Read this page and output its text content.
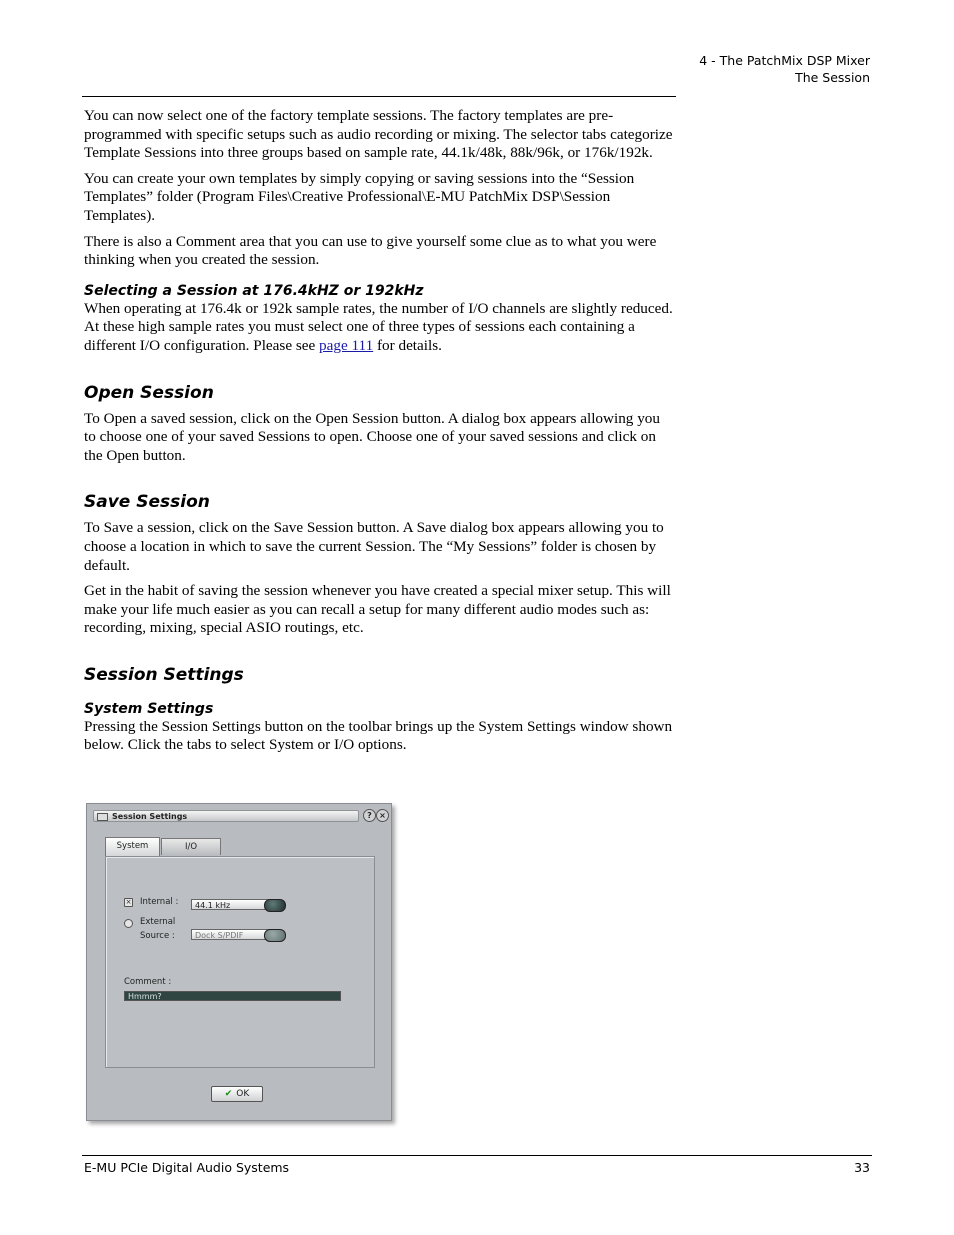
4 - The PatchMix DSP Mixer
The Session

You can now select one of the factory template sessions. The factory templates are pre-programmed with specific setups such as audio recording or mixing. The selector tabs categorize Template Sessions into three groups based on sample rate, 44.1k/48k, 88k/96k, or 176k/192k.

You can create your own templates by simply copying or saving sessions into the “Session Templates” folder (Program Files\Creative Professional\E-MU PatchMix DSP\Session Templates).

There is also a Comment area that you can use to give yourself some clue as to what you were thinking when you created the session.

Selecting a Session at 176.4kHZ or 192kHz

When operating at 176.4k or 192k sample rates, the number of I/O channels are slightly reduced. At these high sample rates you must select one of three types of sessions each containing a different I/O configuration. Please see page 111 for details.

Open Session

To Open a saved session, click on the Open Session button. A dialog box appears allowing you to choose one of your saved Sessions to open. Choose one of your saved sessions and click on the Open button.

Save Session

To Save a session, click on the Save Session button. A Save dialog box appears allowing you to choose a location in which to save the current Session. The “My Sessions” folder is chosen by default.

Get in the habit of saving the session whenever you have created a special mixer setup. This will make your life much easier as you can recall a setup for many different audio modes such as: recording, mixing, special ASIO routings, etc.

Session Settings
System Settings

Pressing the Session Settings button on the toolbar brings up the System Settings window shown below. Click the tabs to select System or I/O options.

Session Settings	? ×
System	I/O
× Internal :	44.1 kHz
External
Source :	Dock S/PDIF
Comment :
Hmmm?
✔ OK
E-MU PCIe Digital Audio Systems	33
